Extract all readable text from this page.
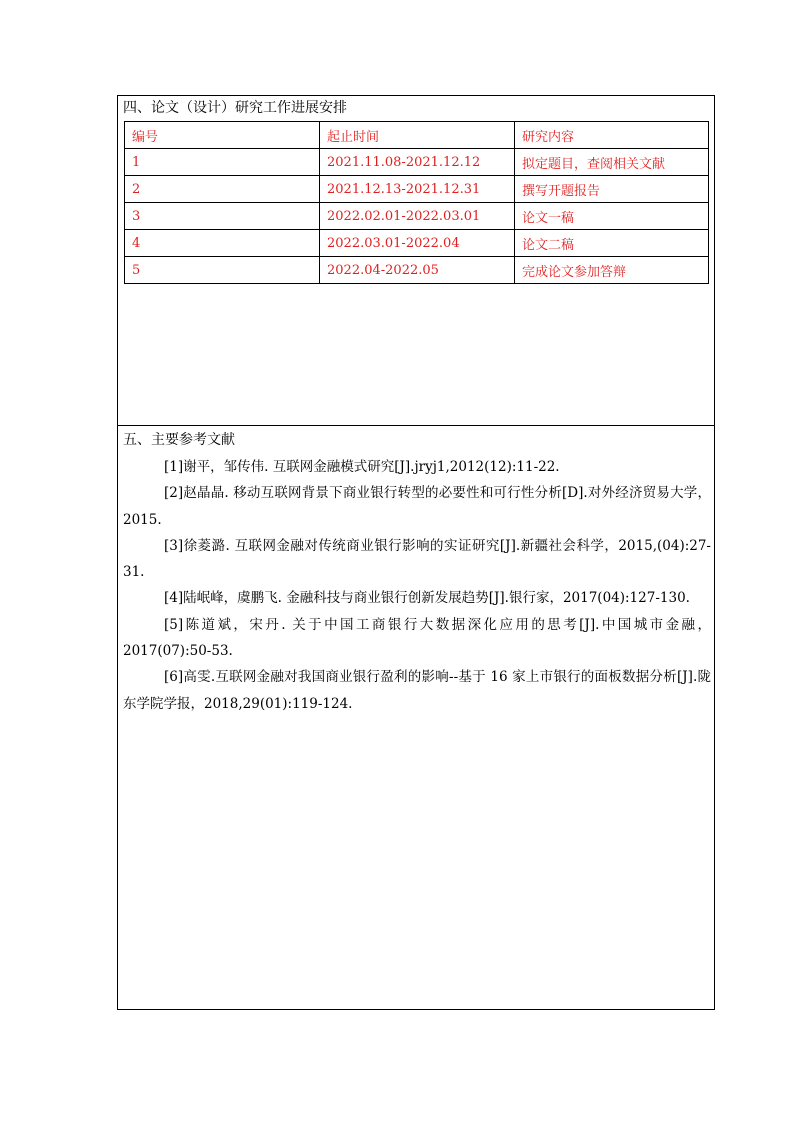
四、论文（设计）研究工作进展安排
编号	起止时间	研究内容
1	2021.11.08-2021.12.12	拟定题目，查阅相关文献
2	2021.12.13-2021.12.31	撰写开题报告
3	2022.02.01-2022.03.01	论文一稿
4	2022.03.01-2022.04	论文二稿
5	2022.04-2022.05	完成论文参加答辩
五、主要参考文献

[1]谢平，邹传伟. 互联网金融模式研究[J].jryj1,2012(12):11-22.

[2]赵晶晶. 移动互联网背景下商业银行转型的必要性和可行性分析[D].对外经济贸易大学，2015.

[3]徐菱潞. 互联网金融对传统商业银行影响的实证研究[J].新疆社会科学，2015,(04):27-31.

[4]陆岷峰，虞鹏飞. 金融科技与商业银行创新发展趋势[J].银行家，2017(04):127-130.

[5]陈道斌，宋丹. 关于中国工商银行大数据深化应用的思考[J].中国城市金融，2017(07):50-53.

[6]高雯.互联网金融对我国商业银行盈利的影响--基于 16 家上市银行的面板数据分析[J].陇东学院学报，2018,29(01):119-124.
